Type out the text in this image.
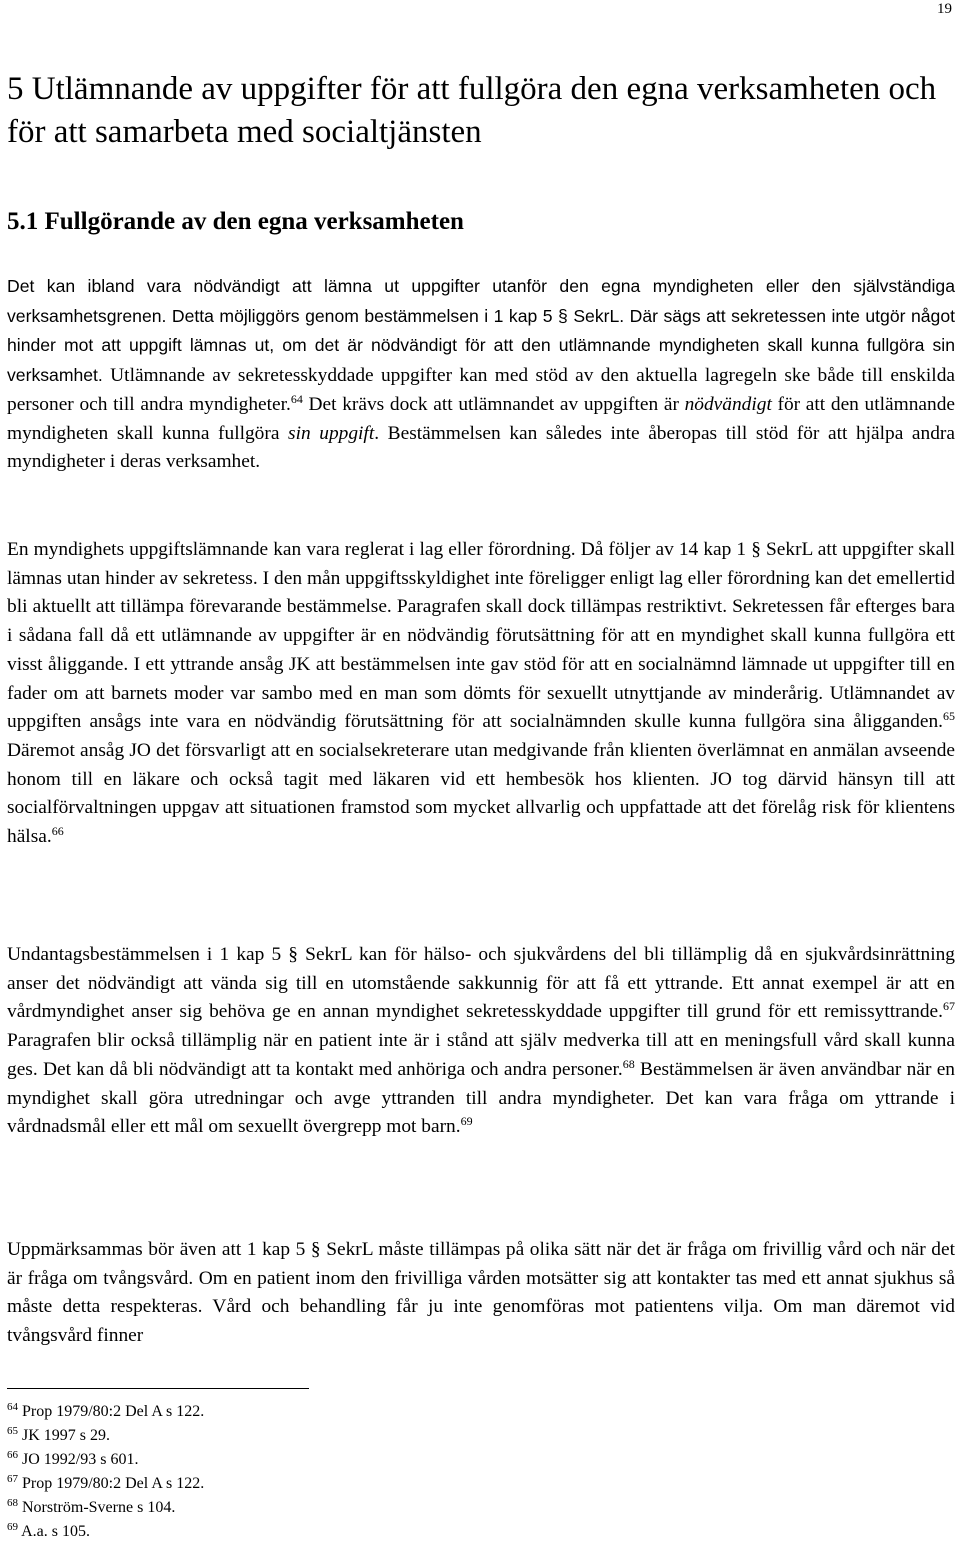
19
5 Utlämnande av uppgifter för att fullgöra den egna verksamheten och för att samarbeta med socialtjänsten
5.1 Fullgörande av den egna verksamheten

Det kan ibland vara nödvändigt att lämna ut uppgifter utanför den egna myndigheten eller den självständiga verksamhetsgrenen. Detta möjliggörs genom bestämmelsen i 1 kap 5 § SekrL. Där sägs att sekretessen inte utgör något hinder mot att uppgift lämnas ut, om det är nödvändigt för att den utlämnande myndigheten skall kunna fullgöra sin verksamhet. Utlämnande av sekretesskyddade uppgifter kan med stöd av den aktuella lagregeln ske både till enskilda personer och till andra myndigheter.$^{64}$ Det krävs dock att utlämnandet av uppgiften är nödvändigt för att den utlämnande myndigheten skall kunna fullgöra sin uppgift. Bestämmelsen kan således inte åberopas till stöd för att hjälpa andra myndigheter i deras verksamhet.

En myndighets uppgiftslämnande kan vara reglerat i lag eller förordning. Då följer av 14 kap 1 § SekrL att uppgifter skall lämnas utan hinder av sekretess. I den mån uppgiftsskyldighet inte föreligger enligt lag eller förordning kan det emellertid bli aktuellt att tillämpa förevarande bestämmelse. Paragrafen skall dock tillämpas restriktivt. Sekretessen får efterges bara i sådana fall då ett utlämnande av uppgifter är en nödvändig förutsättning för att en myndighet skall kunna fullgöra ett visst åliggande. I ett yttrande ansåg JK att bestämmelsen inte gav stöd för att en socialnämnd lämnade ut uppgifter till en fader om att barnets moder var sambo med en man som dömts för sexuellt utnyttjande av minderårig. Utlämnandet av uppgiften ansågs inte vara en nödvändig förutsättning för att socialnämnden skulle kunna fullgöra sina åligganden.$^{65}$ Däremot ansåg JO det försvarligt att en socialsekreterare utan medgivande från klienten överlämnat en anmälan avseende honom till en läkare och också tagit med läkaren vid ett hembesök hos klienten. JO tog därvid hänsyn till att socialförvaltningen uppgav att situationen framstod som mycket allvarlig och uppfattade att det förelåg risk för klientens hälsa.$^{66}$

Undantagsbestämmelsen i 1 kap 5 § SekrL kan för hälso- och sjukvårdens del bli tillämplig då en sjukvårdsinrättning anser det nödvändigt att vända sig till en utomstående sakkunnig för att få ett yttrande. Ett annat exempel är att en vårdmyndighet anser sig behöva ge en annan myndighet sekretesskyddade uppgifter till grund för ett remissyttrande.$^{67}$ Paragrafen blir också tillämplig när en patient inte är i stånd att själv medverka till att en meningsfull vård skall kunna ges. Det kan då bli nödvändigt att ta kontakt med anhöriga och andra personer.$^{68}$ Bestämmelsen är även användbar när en myndighet skall göra utredningar och avge yttranden till andra myndigheter. Det kan vara fråga om yttrande i vårdnadsmål eller ett mål om sexuellt övergrepp mot barn.$^{69}$

Uppmärksammas bör även att 1 kap 5 § SekrL måste tillämpas på olika sätt när det är fråga om frivillig vård och när det är fråga om tvångsvård. Om en patient inom den frivilliga vården motsätter sig att kontakter tas med ett annat sjukhus så måste detta respekteras. Vård och behandling får ju inte genomföras mot patientens vilja. Om man däremot vid tvångsvård finner

$^{64}$ Prop 1979/80:2 Del A s 122.
$^{65}$ JK 1997 s 29.
$^{66}$ JO 1992/93 s 601.
$^{67}$ Prop 1979/80:2 Del A s 122.
$^{68}$ Norström-Sverne s 104.
$^{69}$ A.a. s 105.
